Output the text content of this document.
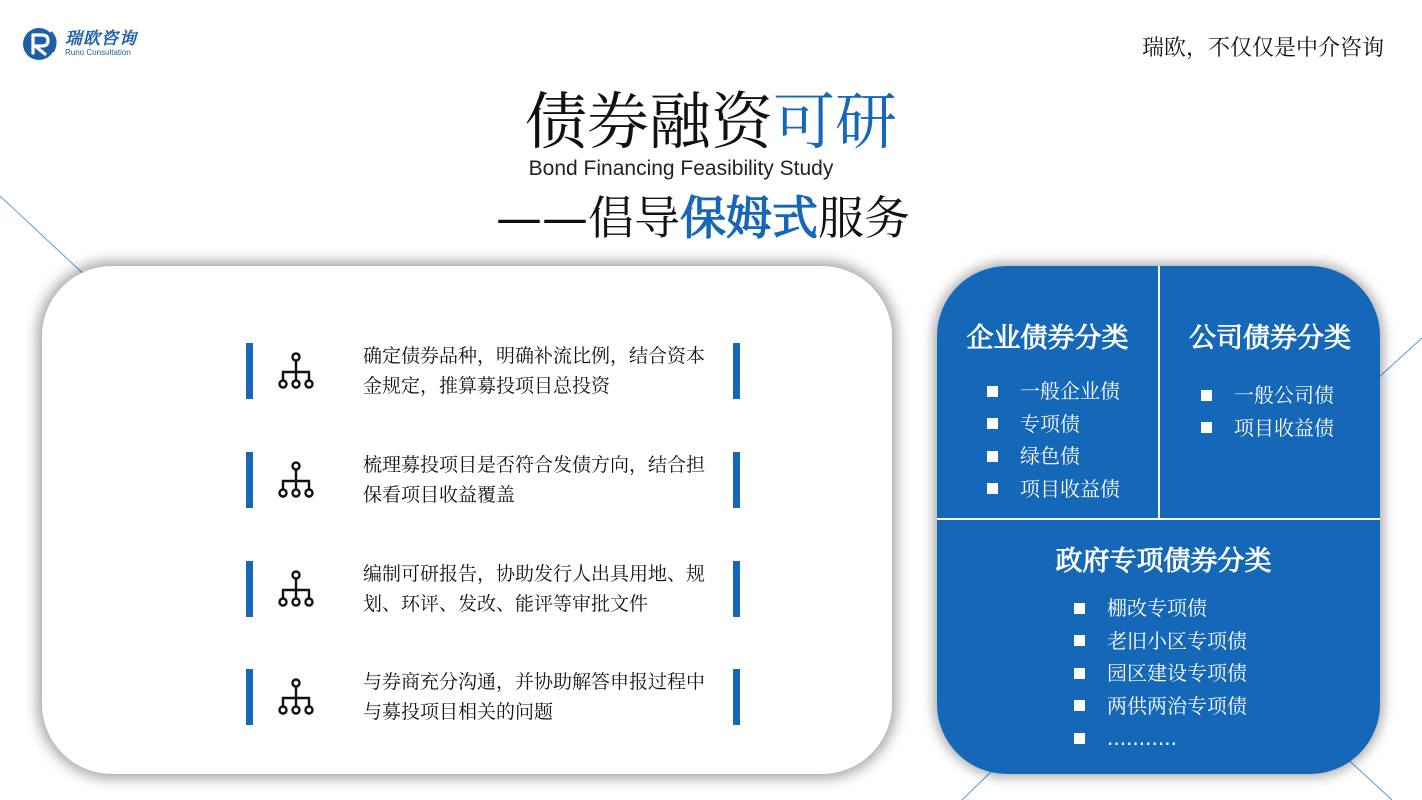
瑞欧咨询
Runo Consultation	瑞欧，不仅仅是中介咨询
债券融资可研
Bond Financing Feasibility Study
——倡导保姆式服务
确定债券品种，明确补流比例，结合资本金规定，推算募投项目总投资
梳理募投项目是否符合发债方向，结合担保看项目收益覆盖
编制可研报告，协助发行人出具用地、规划、环评、发改、能评等审批文件
与券商充分沟通，并协助解答申报过程中与募投项目相关的问题
企业债券分类
一般企业债
专项债
绿色债
项目收益债
公司债券分类
一般公司债
项目收益债
政府专项债券分类
棚改专项债
老旧小区专项债
园区建设专项债
两供两治专项债
...........
